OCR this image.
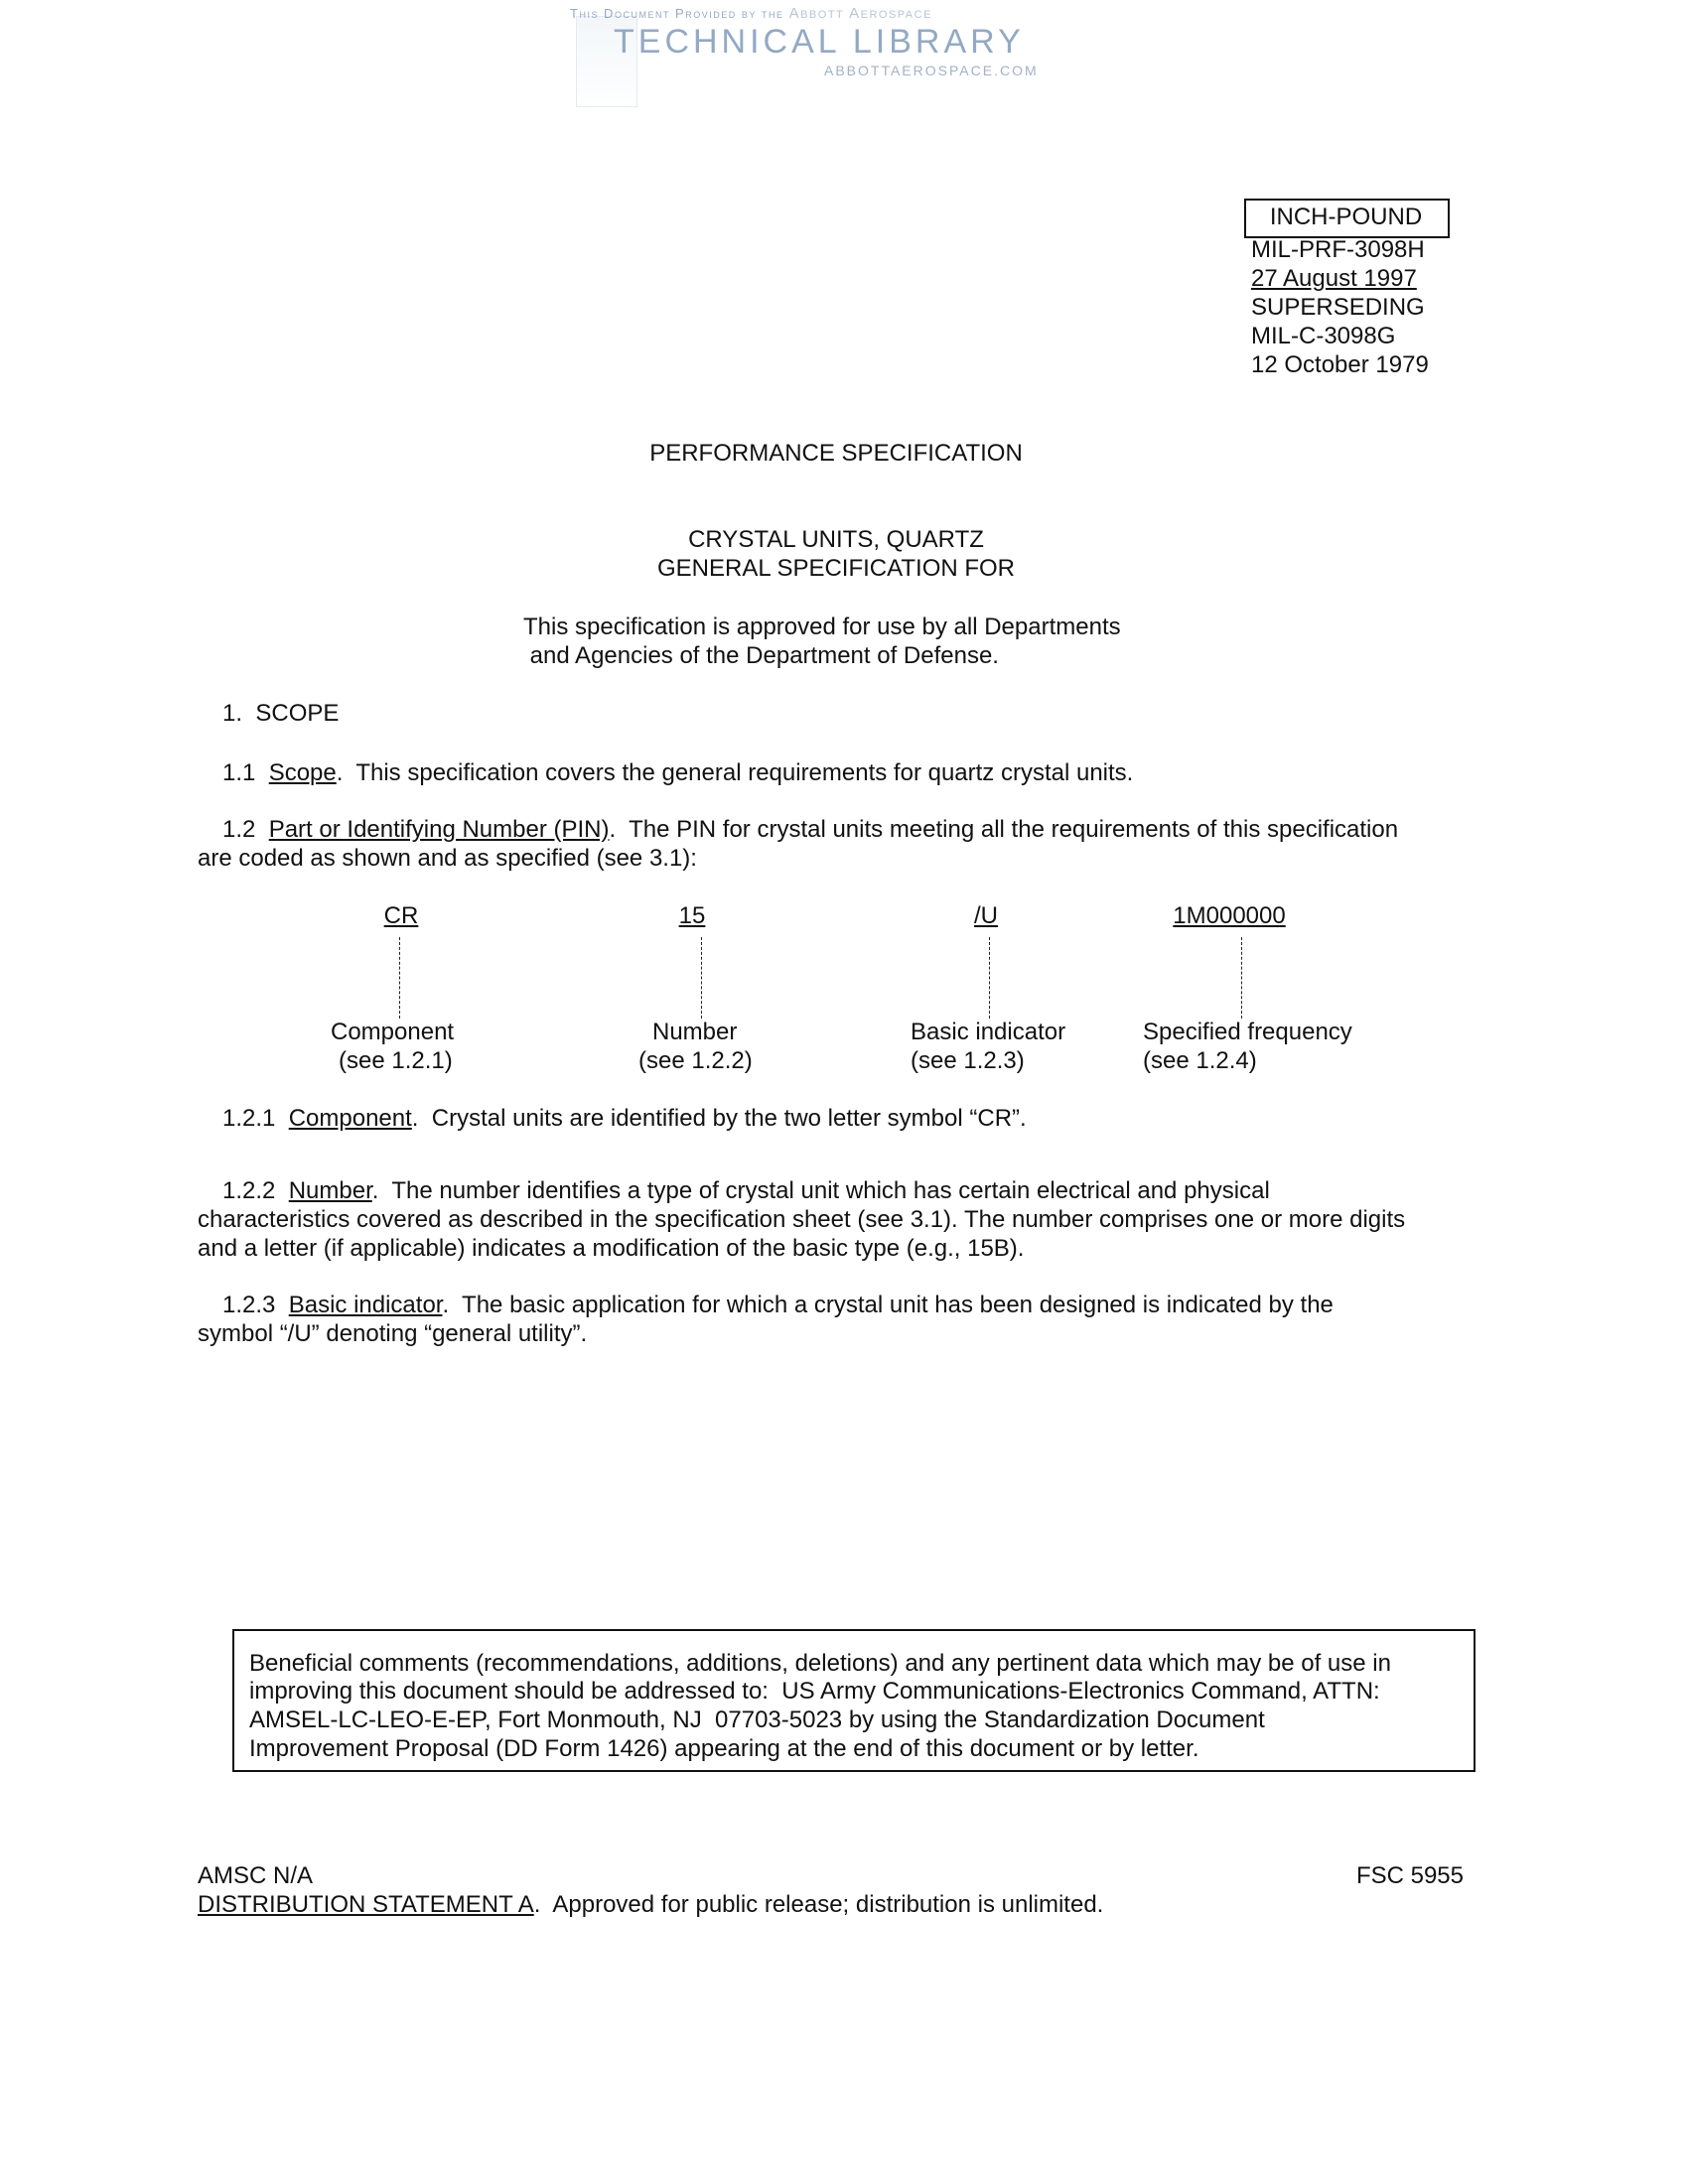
This Document Provided by the Abbott Aerospace
TECHNICAL LIBRARY
ABBOTTAEROSPACE.COM
INCH-POUND
MIL-PRF-3098H
27 August 1997
SUPERSEDING
MIL-C-3098G
12 October 1979
PERFORMANCE SPECIFICATION
CRYSTAL UNITS, QUARTZ
GENERAL SPECIFICATION FOR
This specification is approved for use by all Departments
and Agencies of the Department of Defense.
1.  SCOPE
1.1  Scope.  This specification covers the general requirements for quartz crystal units.
1.2  Part or Identifying Number (PIN).  The PIN for crystal units meeting all the requirements of this specification
are coded as shown and as specified (see 3.1):
CR	15	/U	1M000000
Component
(see 1.2.1)
Number
(see 1.2.2)
Basic indicator
(see 1.2.3)
Specified frequency
(see 1.2.4)
1.2.1  Component.  Crystal units are identified by the two letter symbol “CR”.
1.2.2  Number.  The number identifies a type of crystal unit which has certain electrical and physical
characteristics covered as described in the specification sheet (see 3.1). The number comprises one or more digits
and a letter (if applicable) indicates a modification of the basic type (e.g., 15B).
1.2.3  Basic indicator.  The basic application for which a crystal unit has been designed is indicated by the
symbol “/U” denoting “general utility”.
Beneficial comments (recommendations, additions, deletions) and any pertinent data which may be of use in
improving this document should be addressed to:  US Army Communications-Electronics Command, ATTN:
AMSEL-LC-LEO-E-EP, Fort Monmouth, NJ  07703-5023 by using the Standardization Document
Improvement Proposal (DD Form 1426) appearing at the end of this document or by letter.
AMSC N/A	FSC 5955
DISTRIBUTION STATEMENT A.  Approved for public release; distribution is unlimited.
